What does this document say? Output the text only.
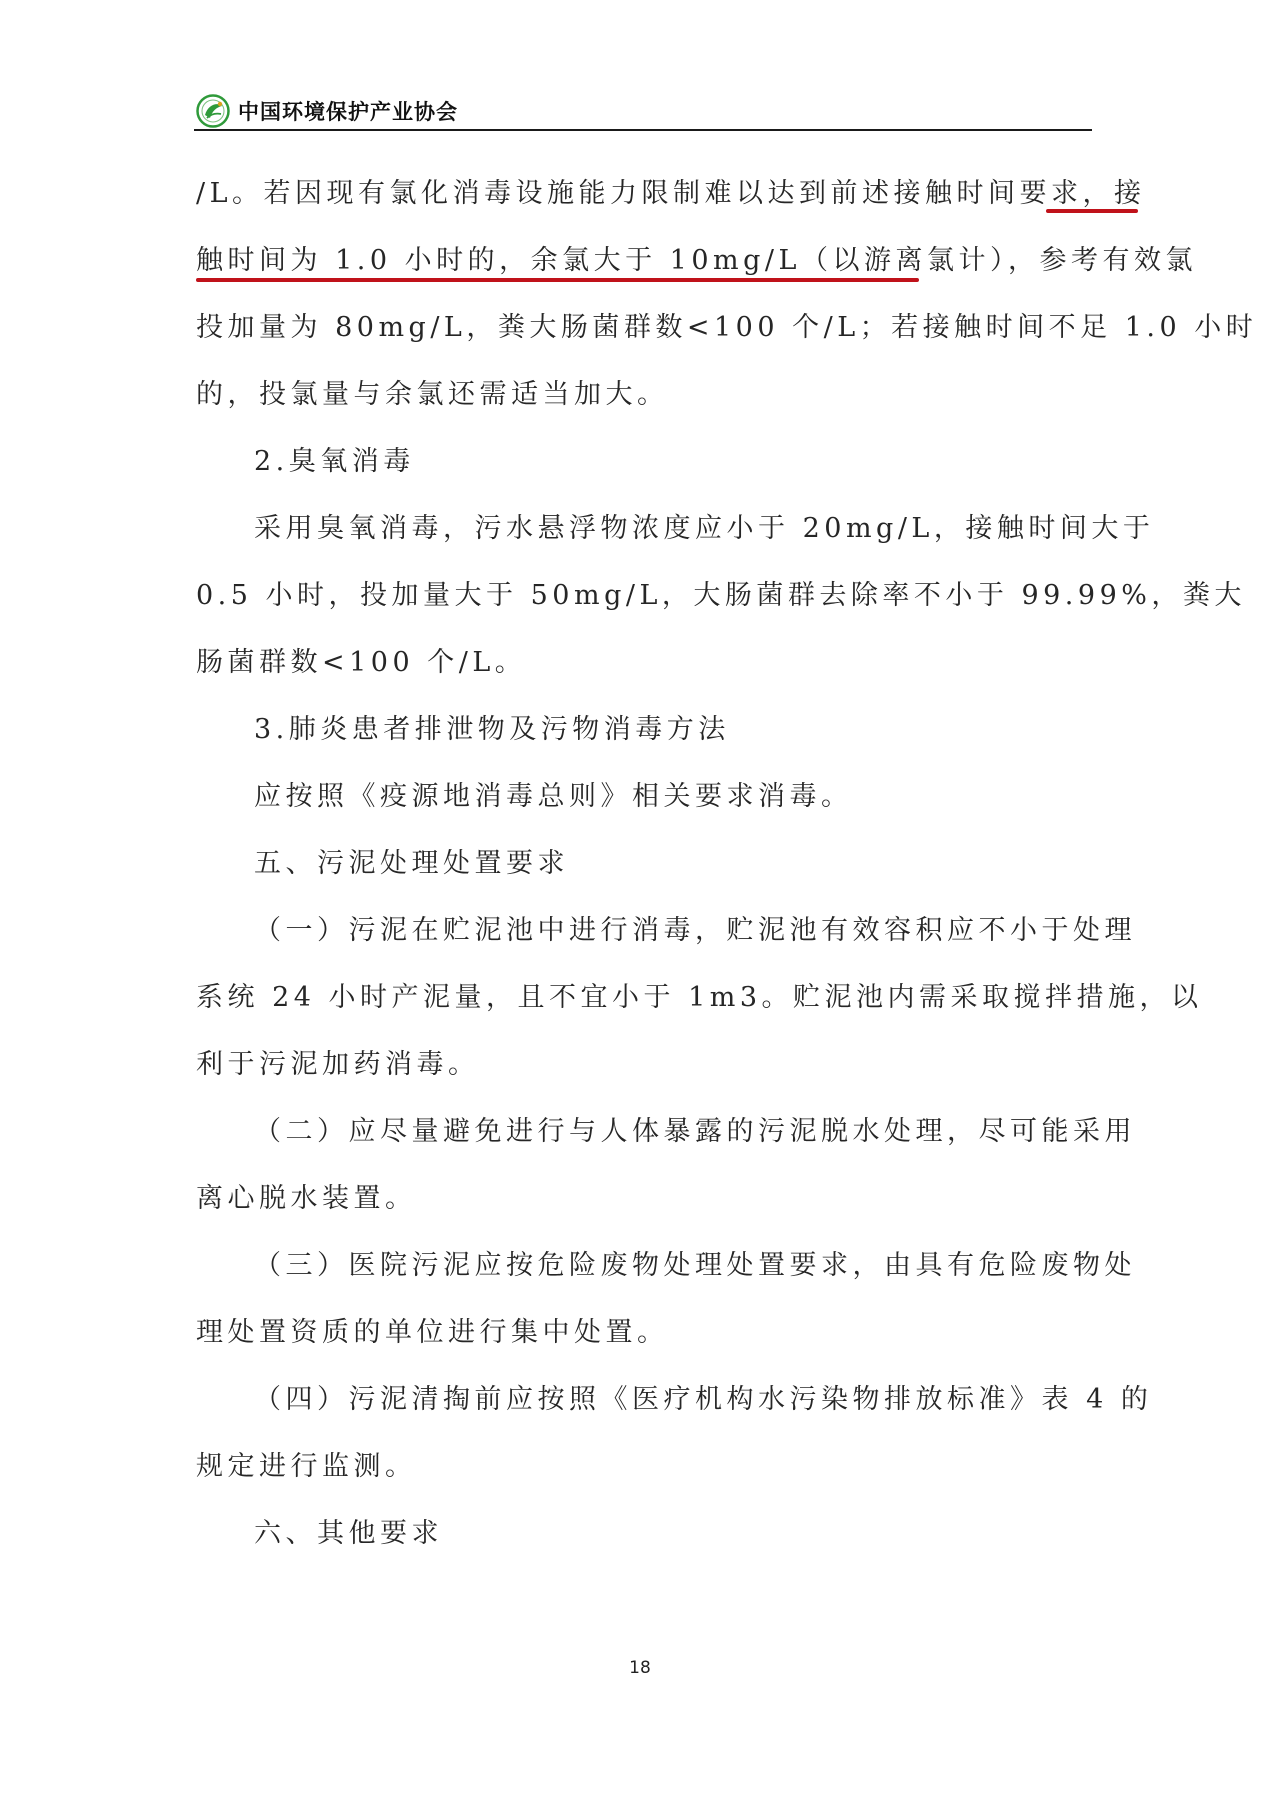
中国环境保护产业协会
/L。若因现有氯化消毒设施能力限制难以达到前述接触时间要求，接
触时间为 1.0 小时的，余氯大于 10mg/L（以游离氯计），参考有效氯
投加量为 80mg/L，粪大肠菌群数<100 个/L；若接触时间不足 1.0 小时
的，投氯量与余氯还需适当加大。
2.臭氧消毒
采用臭氧消毒，污水悬浮物浓度应小于 20mg/L，接触时间大于
0.5 小时，投加量大于 50mg/L，大肠菌群去除率不小于 99.99%，粪大
肠菌群数<100 个/L。
3.肺炎患者排泄物及污物消毒方法
应按照《疫源地消毒总则》相关要求消毒。
五、污泥处理处置要求
（一）污泥在贮泥池中进行消毒，贮泥池有效容积应不小于处理
系统 24 小时产泥量，且不宜小于 1m3。贮泥池内需采取搅拌措施，以
利于污泥加药消毒。
（二）应尽量避免进行与人体暴露的污泥脱水处理，尽可能采用
离心脱水装置。
（三）医院污泥应按危险废物处理处置要求，由具有危险废物处
理处置资质的单位进行集中处置。
（四）污泥清掏前应按照《医疗机构水污染物排放标准》表 4 的
规定进行监测。
六、其他要求
18
